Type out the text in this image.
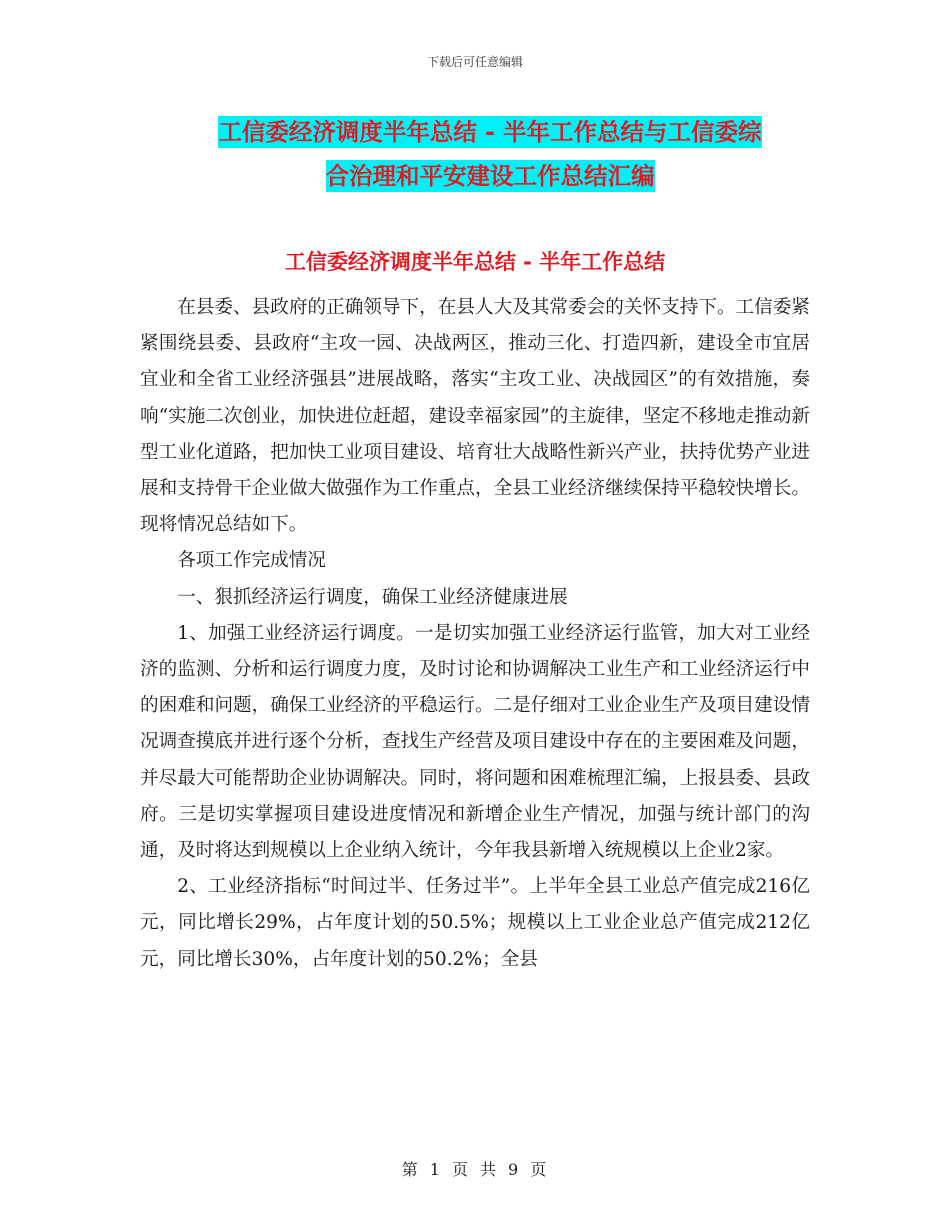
下载后可任意编辑
工信委经济调度半年总结 - 半年工作总结与工信委综
合治理和平安建设工作总结汇编
工信委经济调度半年总结 - 半年工作总结

在县委、县政府的正确领导下，在县人大及其常委会的关怀支持下。工信委紧紧围绕县委、县政府“主攻一园、决战两区，推动三化、打造四新，建设全市宜居宜业和全省工业经济强县”进展战略，落实“主攻工业、决战园区”的有效措施，奏响“实施二次创业，加快进位赶超，建设幸福家园”的主旋律，坚定不移地走推动新型工业化道路，把加快工业项目建设、培育壮大战略性新兴产业，扶持优势产业进展和支持骨干企业做大做强作为工作重点，全县工业经济继续保持平稳较快增长。现将情况总结如下。

各项工作完成情况

一、狠抓经济运行调度，确保工业经济健康进展

1、加强工业经济运行调度。一是切实加强工业经济运行监管，加大对工业经济的监测、分析和运行调度力度，及时讨论和协调解决工业生产和工业经济运行中的困难和问题，确保工业经济的平稳运行。二是仔细对工业企业生产及项目建设情况调查摸底并进行逐个分析，查找生产经营及项目建设中存在的主要困难及问题，并尽最大可能帮助企业协调解决。同时，将问题和困难梳理汇编，上报县委、县政府。三是切实掌握项目建设进度情况和新增企业生产情况，加强与统计部门的沟通，及时将达到规模以上企业纳入统计，今年我县新增入统规模以上企业2家。

2、工业经济指标“时间过半、任务过半”。上半年全县工业总产值完成216亿元，同比增长29%，占年度计划的50.5%；规模以上工业企业总产值完成212亿元，同比增长30%，占年度计划的50.2%；全县

第 1 页 共 9 页
